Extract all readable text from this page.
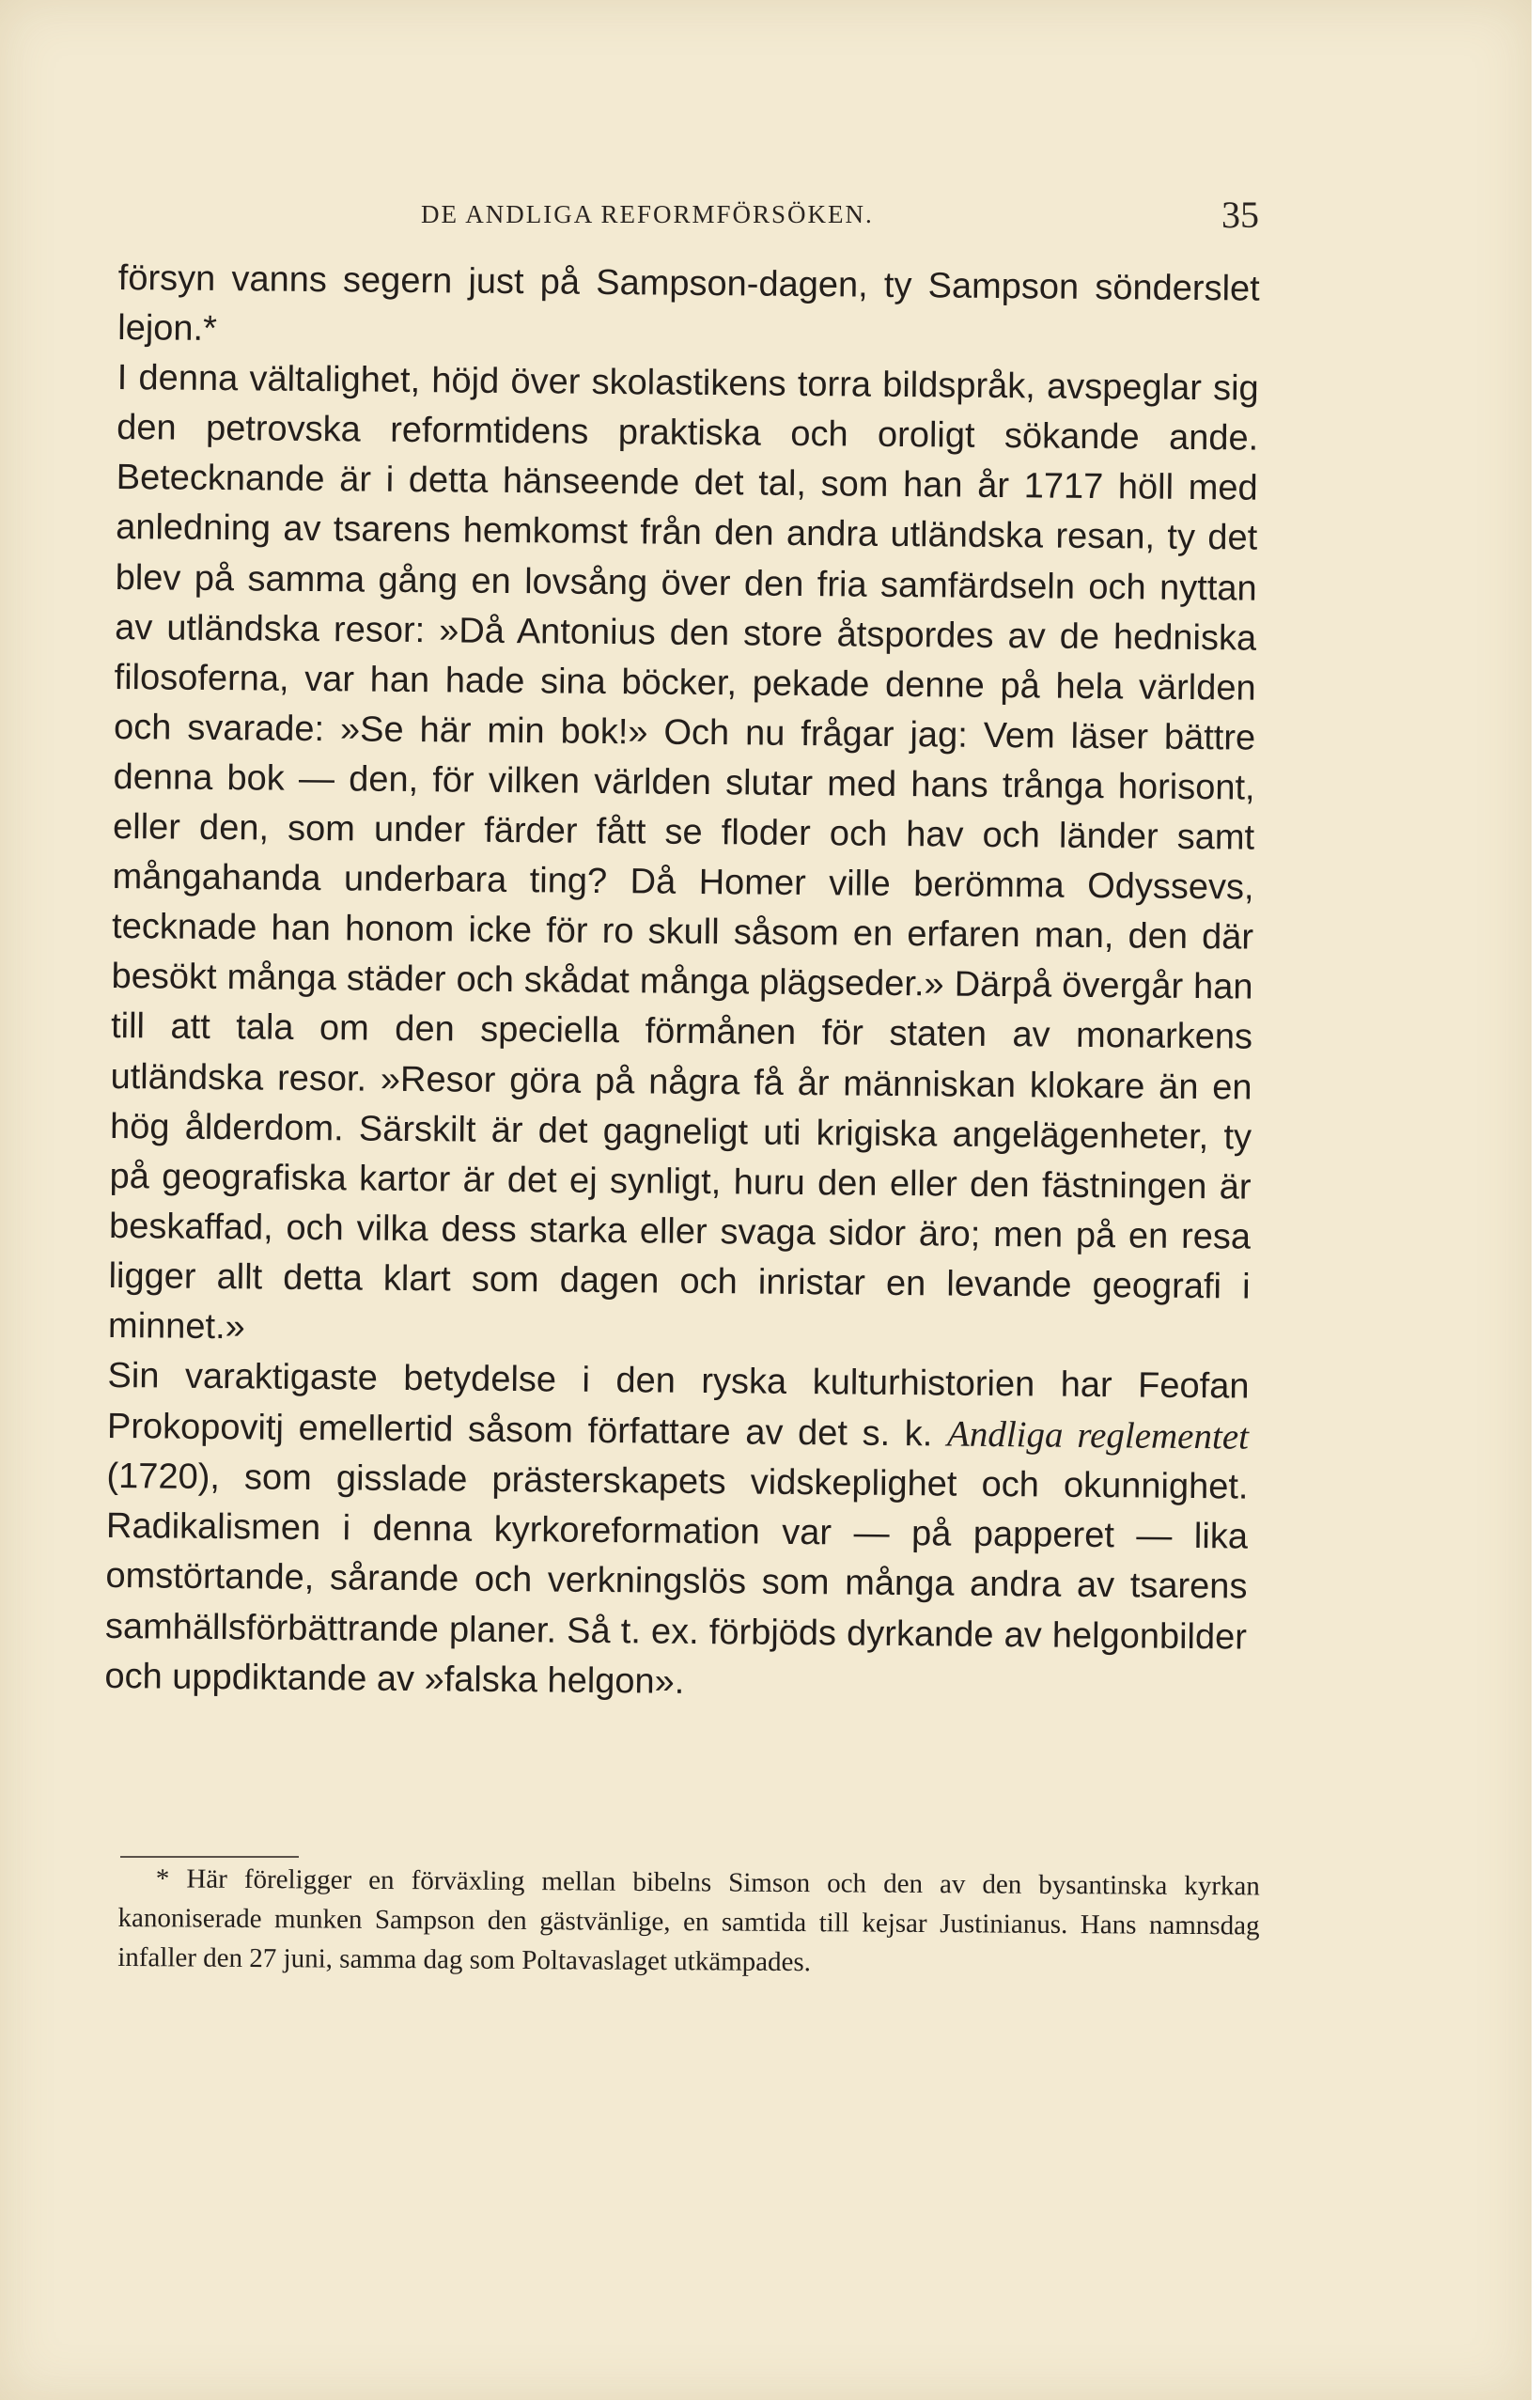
DE ANDLIGA REFORMFÖRSÖKEN.	35

försyn vanns segern just på Sampson-dagen, ty Sampson sönderslet lejon.*

I denna vältalighet, höjd över skolastikens torra bildspråk, avspeglar sig den petrovska reformtidens praktiska och oroligt sökande ande. Betecknande är i detta hänseende det tal, som han år 1717 höll med anledning av tsarens hemkomst från den andra utländska resan, ty det blev på samma gång en lovsång över den fria samfärdseln och nyttan av utländska resor: »Då Antonius den store åtspordes av de hedniska filosoferna, var han hade sina böcker, pekade denne på hela världen och svarade: »Se här min bok!» Och nu frågar jag: Vem läser bättre denna bok — den, för vilken världen slutar med hans trånga horisont, eller den, som under färder fått se floder och hav och länder samt mångahanda underbara ting? Då Homer ville berömma Odyssevs, tecknade han honom icke för ro skull såsom en erfaren man, den där besökt många städer och skådat många plägseder.» Därpå övergår han till att tala om den speciella förmånen för staten av monarkens utländska resor. »Resor göra på några få år människan klokare än en hög ålderdom. Särskilt är det gagneligt uti krigiska angelägenheter, ty på geografiska kartor är det ej synligt, huru den eller den fästningen är beskaffad, och vilka dess starka eller svaga sidor äro; men på en resa ligger allt detta klart som dagen och inristar en levande geografi i minnet.»

Sin varaktigaste betydelse i den ryska kulturhistorien har Feofan Prokopovitj emellertid såsom författare av det s. k. Andliga reglementet (1720), som gisslade prästerskapets vidskeplighet och okunnighet. Radikalismen i denna kyrkoreformation var — på papperet — lika omstörtande, sårande och verkningslös som många andra av tsarens samhällsförbättrande planer. Så t. ex. förbjöds dyrkande av helgonbilder och uppdiktande av »falska helgon».

* Här föreligger en förväxling mellan bibelns Simson och den av den bysantinska kyrkan kanoniserade munken Sampson den gästvänlige, en samtida till kejsar Justinianus. Hans namnsdag infaller den 27 juni, samma dag som Poltavaslaget utkämpades.
